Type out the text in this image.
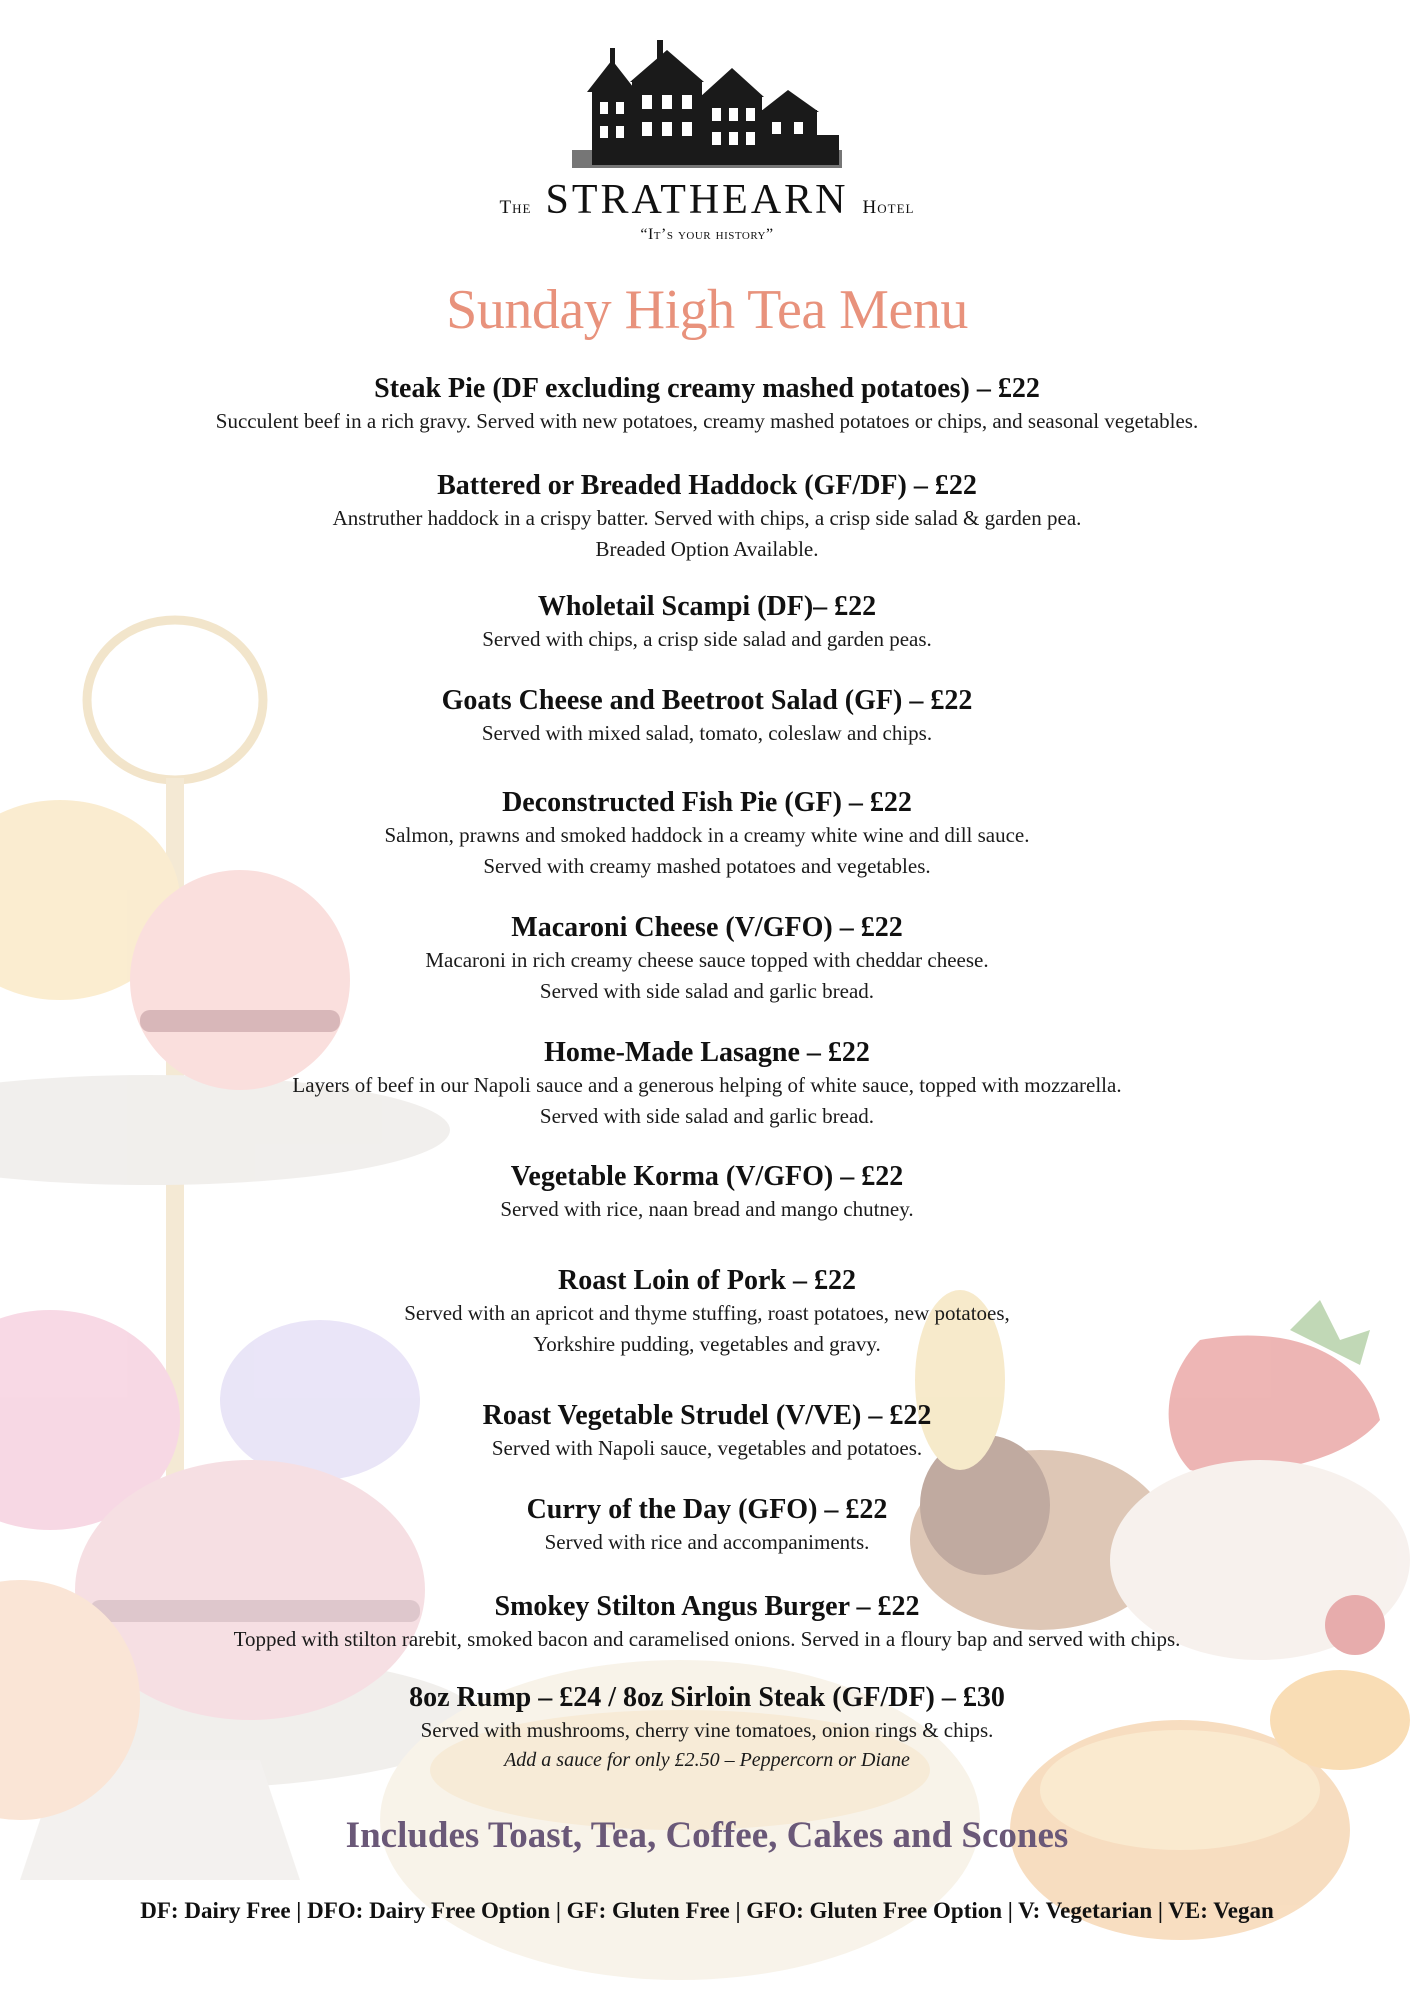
The STRATHEARN Hotel
“It’s your history”
Sunday High Tea Menu
Steak Pie (DF excluding creamy mashed potatoes) – £22
Succulent beef in a rich gravy. Served with new potatoes, creamy mashed potatoes or chips, and seasonal vegetables.
Battered or Breaded Haddock (GF/DF) – £22
Anstruther haddock in a crispy batter. Served with chips, a crisp side salad & garden pea.
Breaded Option Available.
Wholetail Scampi (DF)– £22
Served with chips, a crisp side salad and garden peas.
Goats Cheese and Beetroot Salad (GF) – £22
Served with mixed salad, tomato, coleslaw and chips.
Deconstructed Fish Pie (GF) – £22
Salmon, prawns and smoked haddock in a creamy white wine and dill sauce.
Served with creamy mashed potatoes and vegetables.
Macaroni Cheese (V/GFO) – £22
Macaroni in rich creamy cheese sauce topped with cheddar cheese.
Served with side salad and garlic bread.
Home-Made Lasagne – £22
Layers of beef in our Napoli sauce and a generous helping of white sauce, topped with mozzarella.
Served with side salad and garlic bread.
Vegetable Korma (V/GFO) – £22
Served with rice, naan bread and mango chutney.
Roast Loin of Pork – £22
Served with an apricot and thyme stuffing, roast potatoes, new potatoes,
Yorkshire pudding, vegetables and gravy.
Roast Vegetable Strudel (V/VE) – £22
Served with Napoli sauce, vegetables and potatoes.
Curry of the Day (GFO) – £22
Served with rice and accompaniments.
Smokey Stilton Angus Burger – £22
Topped with stilton rarebit, smoked bacon and caramelised onions. Served in a floury bap and served with chips.
8oz Rump – £24 / 8oz Sirloin Steak (GF/DF) – £30
Served with mushrooms, cherry vine tomatoes, onion rings & chips.
Add a sauce for only £2.50 – Peppercorn or Diane
Includes Toast, Tea, Coffee, Cakes and Scones
DF: Dairy Free | DFO: Dairy Free Option | GF: Gluten Free | GFO: Gluten Free Option | V: Vegetarian | VE: Vegan
